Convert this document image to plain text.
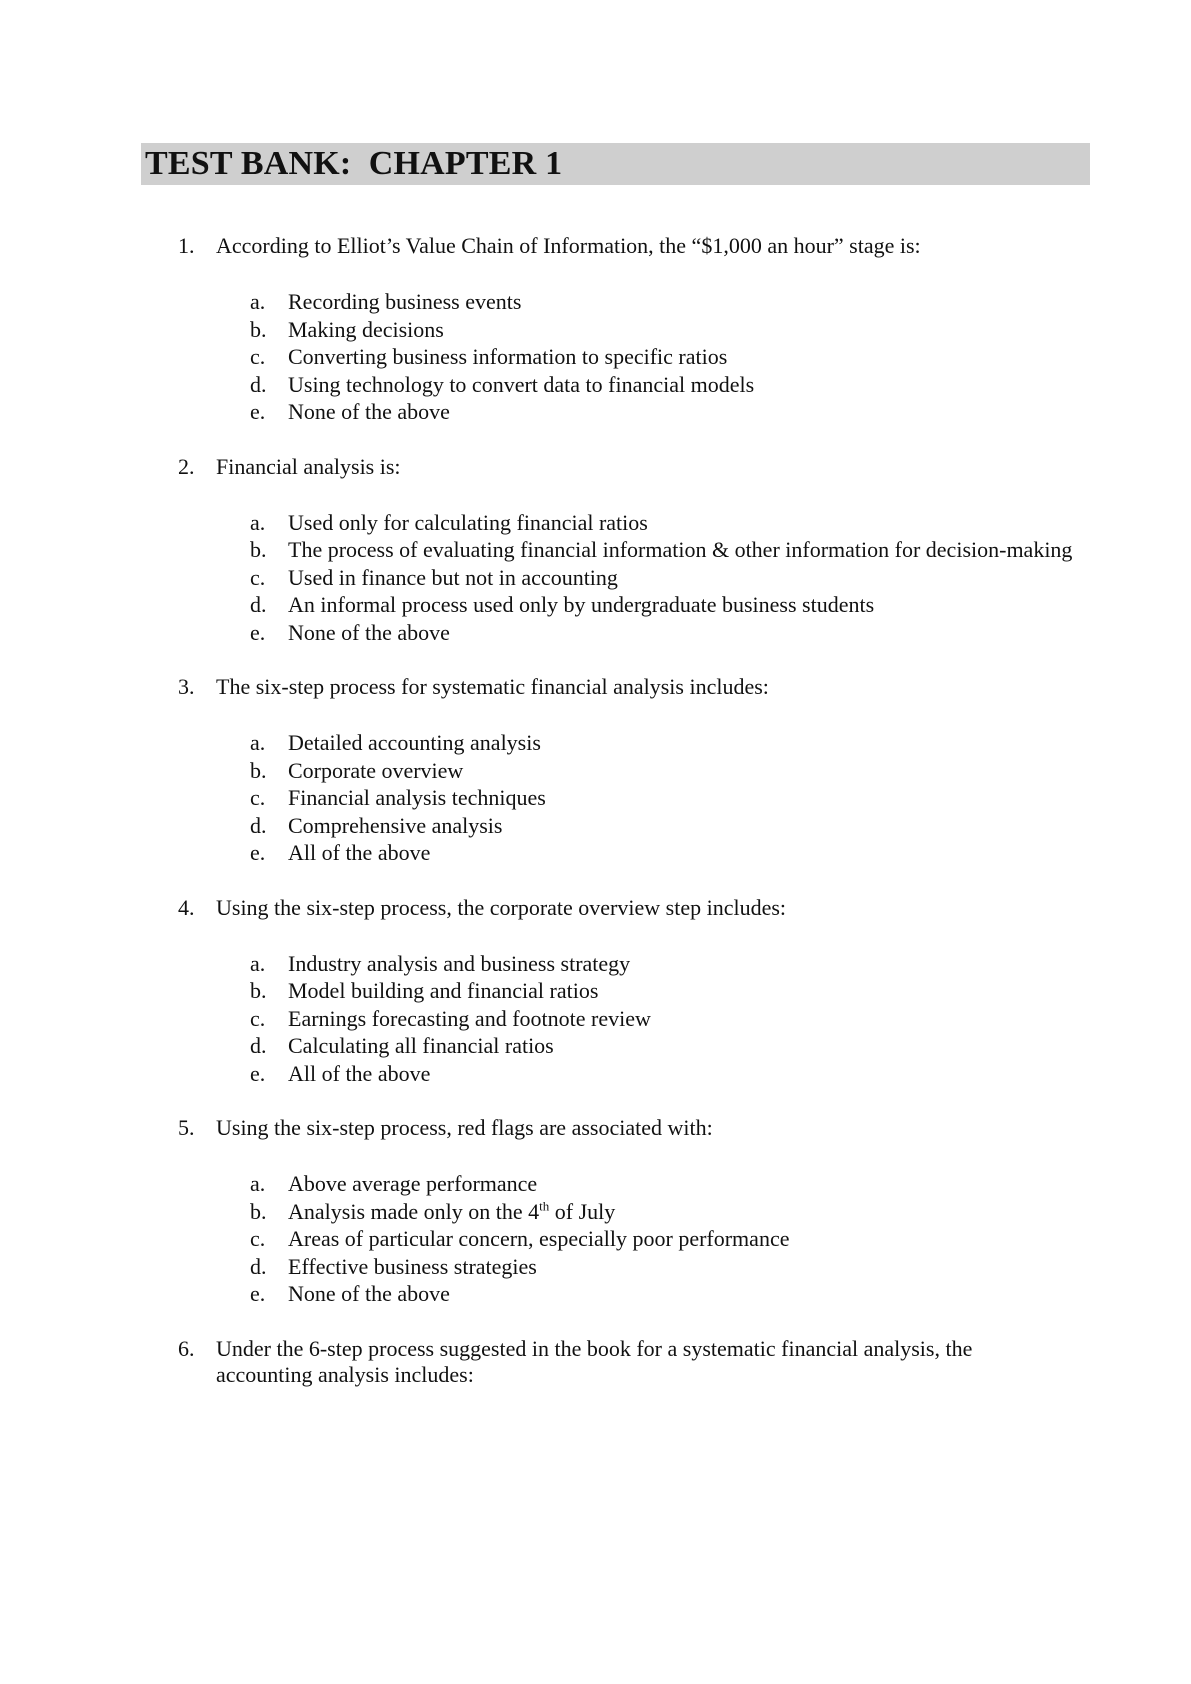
TEST BANK:  CHAPTER 1
1. According to Elliot’s Value Chain of Information, the “$1,000 an hour” stage is:
a. Recording business events
b. Making decisions
c. Converting business information to specific ratios
d. Using technology to convert data to financial models
e. None of the above
2. Financial analysis is:
a. Used only for calculating financial ratios
b. The process of evaluating financial information & other information for decision-making
c. Used in finance but not in accounting
d. An informal process used only by undergraduate business students
e. None of the above
3. The six-step process for systematic financial analysis includes:
a. Detailed accounting analysis
b. Corporate overview
c. Financial analysis techniques
d. Comprehensive analysis
e. All of the above
4. Using the six-step process, the corporate overview step includes:
a. Industry analysis and business strategy
b. Model building and financial ratios
c. Earnings forecasting and footnote review
d. Calculating all financial ratios
e. All of the above
5. Using the six-step process, red flags are associated with:
a. Above average performance
b. Analysis made only on the 4th of July
c. Areas of particular concern, especially poor performance
d. Effective business strategies
e. None of the above
6. Under the 6-step process suggested in the book for a systematic financial analysis, the accounting analysis includes:
